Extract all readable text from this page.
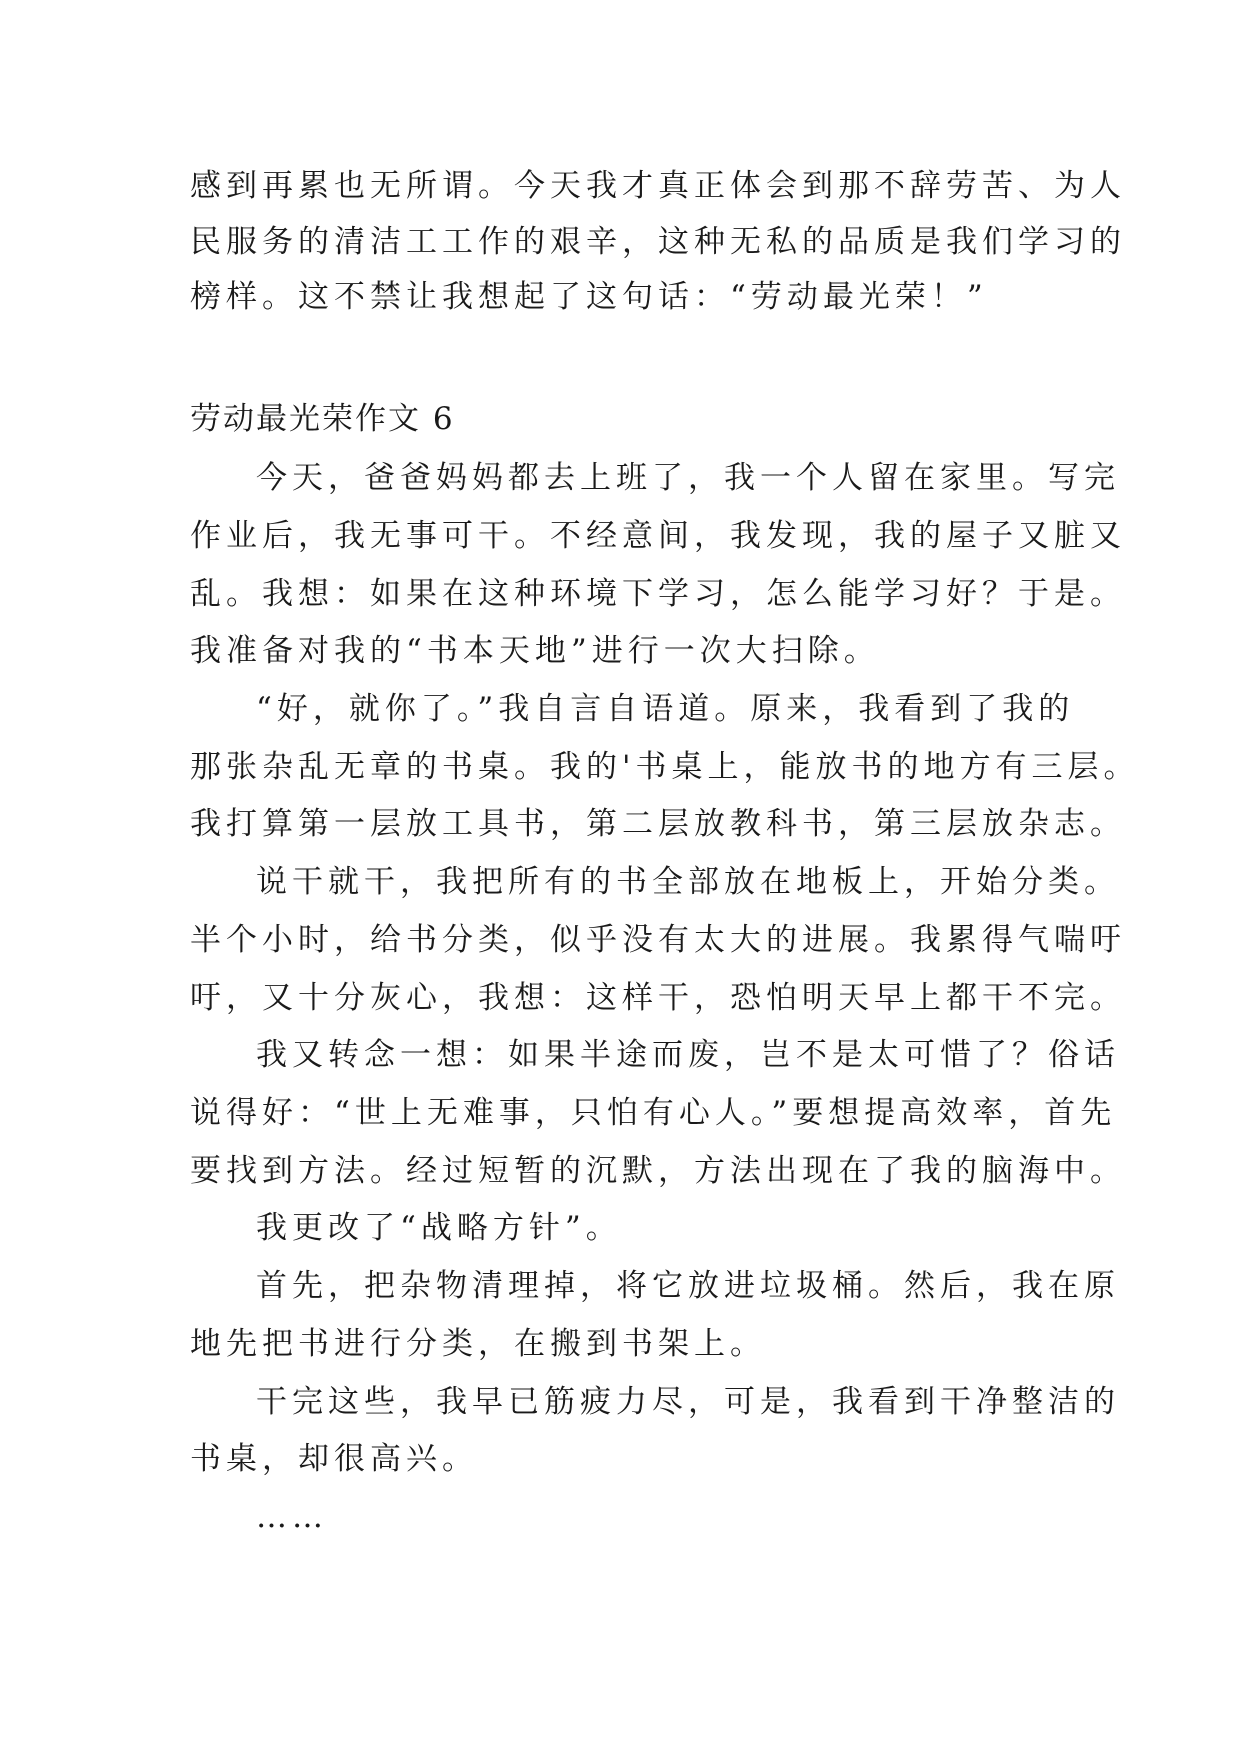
感到再累也无所谓。今天我才真正体会到那不辞劳苦、为人
民服务的清洁工工作的艰辛，这种无私的品质是我们学习的
榜样。这不禁让我想起了这句话：“劳动最光荣！”
劳动最光荣作文 6
今天，爸爸妈妈都去上班了，我一个人留在家里。写完
作业后，我无事可干。不经意间，我发现，我的屋子又脏又
乱。我想：如果在这种环境下学习，怎么能学习好？于是。
我准备对我的“书本天地”进行一次大扫除。
“好，就你了。”我自言自语道。原来，我看到了我的
那张杂乱无章的书桌。我的'书桌上，能放书的地方有三层。
我打算第一层放工具书，第二层放教科书，第三层放杂志。
说干就干，我把所有的书全部放在地板上，开始分类。
半个小时，给书分类，似乎没有太大的进展。我累得气喘吁
吁，又十分灰心，我想：这样干，恐怕明天早上都干不完。
我又转念一想：如果半途而废，岂不是太可惜了？俗话
说得好：“世上无难事，只怕有心人。”要想提高效率，首先
要找到方法。经过短暂的沉默，方法出现在了我的脑海中。
我更改了“战略方针”。
首先，把杂物清理掉，将它放进垃圾桶。然后，我在原
地先把书进行分类，在搬到书架上。
干完这些，我早已筋疲力尽，可是，我看到干净整洁的
书桌，却很高兴。
……
